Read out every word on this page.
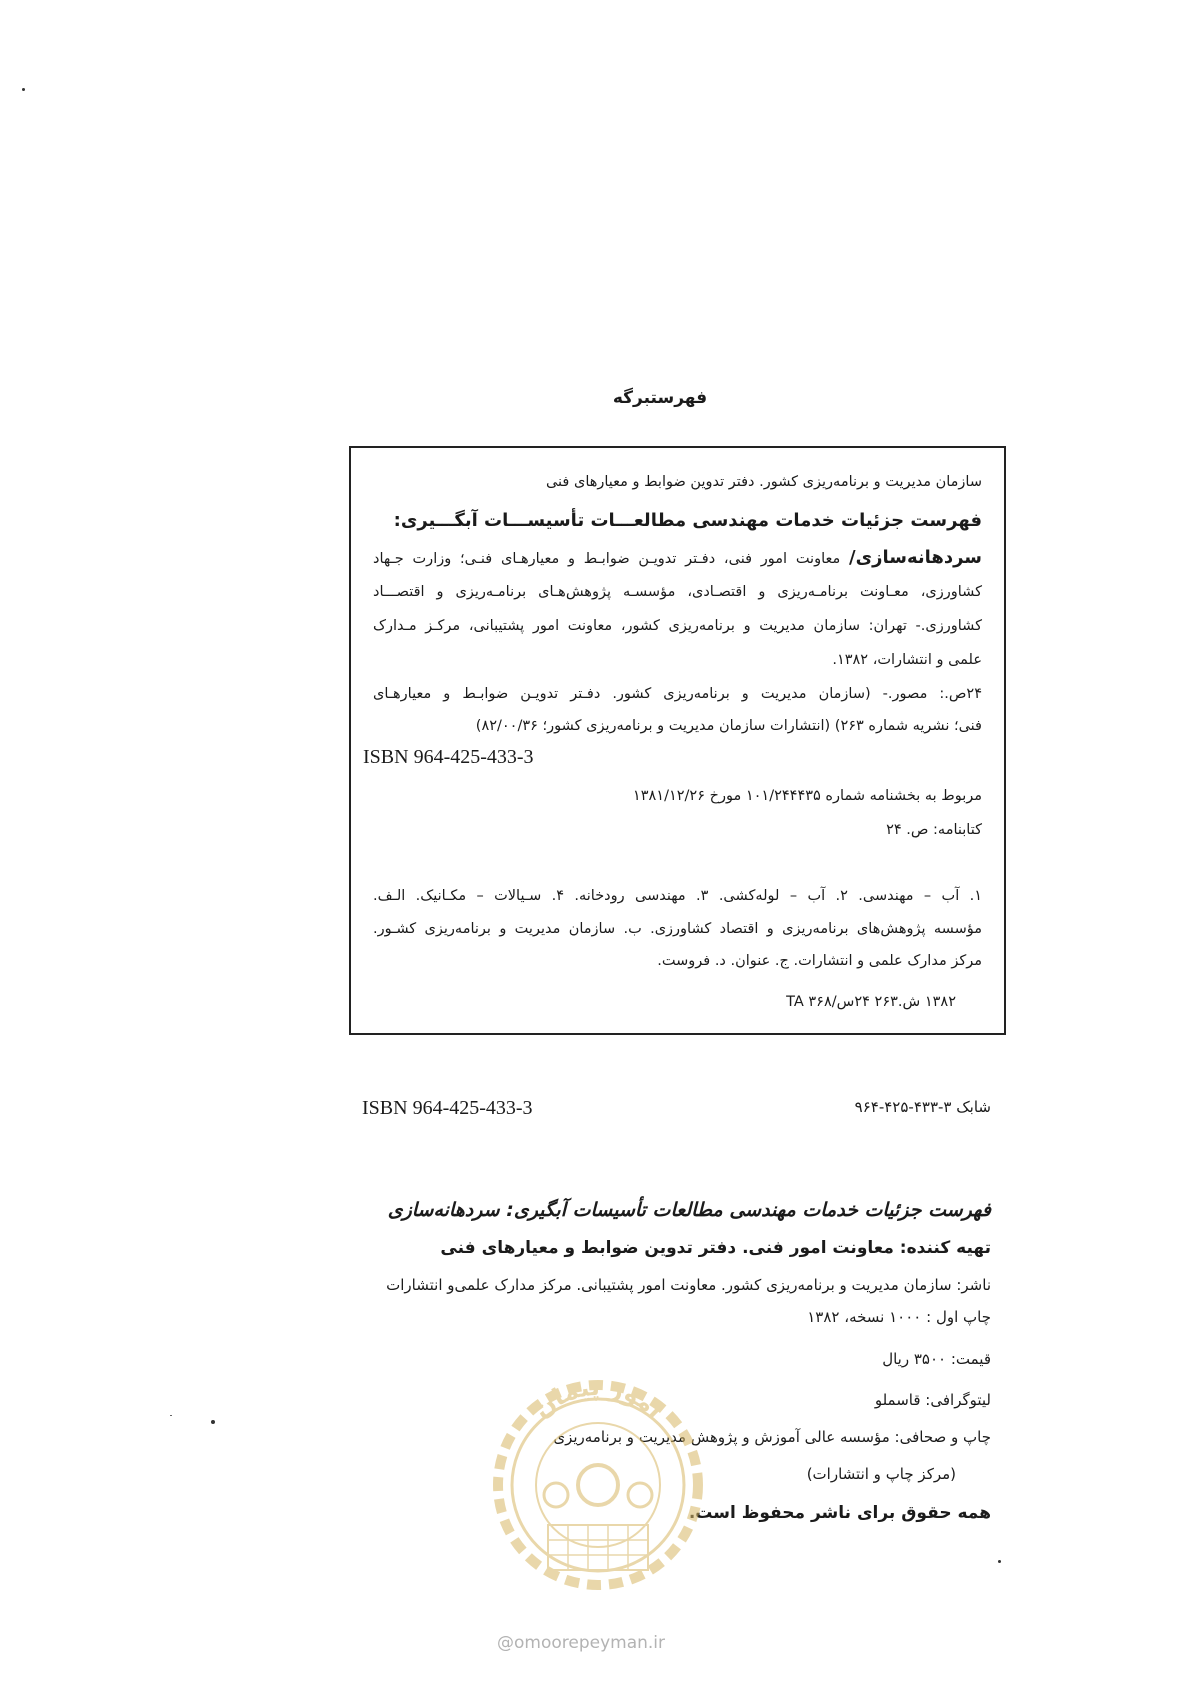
فهرستبرگه
سازمان مدیریت و برنامه‌ریزی کشور. دفتر تدوین ضوابط و معیارهای فنی
فهرست جزئیات خدمات مهندسی مطالعـــات تأسیســـات آبگـــیری:
سردهانه‌سازی/ معاونت امور فنی، دفـتر تدویـن ضوابـط و معیارهـای فنـی؛ وزارت جـهاد
کشاورزی، معـاونت برنامـه‌ریزی و اقتصـادی، مؤسسـه پژوهش‌هـای برنامـه‌ریزی و اقتصـــاد
کشاورزی.- تهران: سازمان مدیریت و برنامه‌ریزی کشور، معاونت امور پشتیبانی، مرکـز مـدارک
علمی و انتشارات، ۱۳۸۲.
۲۴ص.: مصور.- (سازمان مدیریت و برنامه‌ریزی کشور. دفـتر تدویـن ضوابـط و معیارهـای
فنی؛ نشریه شماره ۲۶۳) (انتشارات سازمان مدیریت و برنامه‌ریزی کشور؛ ۸۲/۰۰/۳۶)
ISBN 964-425-433-3
مربوط به بخشنامه شماره ۱۰۱/۲۴۴۴۳۵ مورخ ۱۳۸۱/۱۲/۲۶
کتابنامه: ص. ۲۴
۱. آب – مهندسی. ۲. آب – لوله‌کشی. ۳. مهندسی رودخانه. ۴. سـیالات – مکـانیک. الـف.
مؤسسه پژوهش‌های برنامه‌ریزی و اقتصاد کشاورزی. ب. سازمان مدیریت و برنامه‌ریزی کشـور.
مرکز مدارک علمی و انتشارات. ج. عنوان. د. فروست.
۱۳۸۲ ش.۲۶۳ ۲۴س/۳۶۸ TA
ISBN 964-425-433-3	شابک ۳-۴۳۳-۴۲۵-۹۶۴
فهرست جزئیات خدمات مهندسی مطالعات تأسیسات آبگیری: سردهانه‌سازی
تهیه کننده: معاونت امور فنی. دفتر تدوین ضوابط و معیارهای فنی
ناشر: سازمان مدیریت و برنامه‌ریزی کشور. معاونت امور پشتیبانی. مرکز مدارک علمی‌و انتشارات
چاپ اول : ۱۰۰۰ نسخه، ۱۳۸۲
قیمت: ۳۵۰۰ ریال
لیتوگرافی: قاسملو
چاپ و صحافی: مؤسسه عالی آموزش و پژوهش مدیریت و برنامه‌ریزی
(مرکز چاپ و انتشارات)
همه حقوق برای ناشر محفوظ است.
امور پیمان
@omoorepeyman.ir
